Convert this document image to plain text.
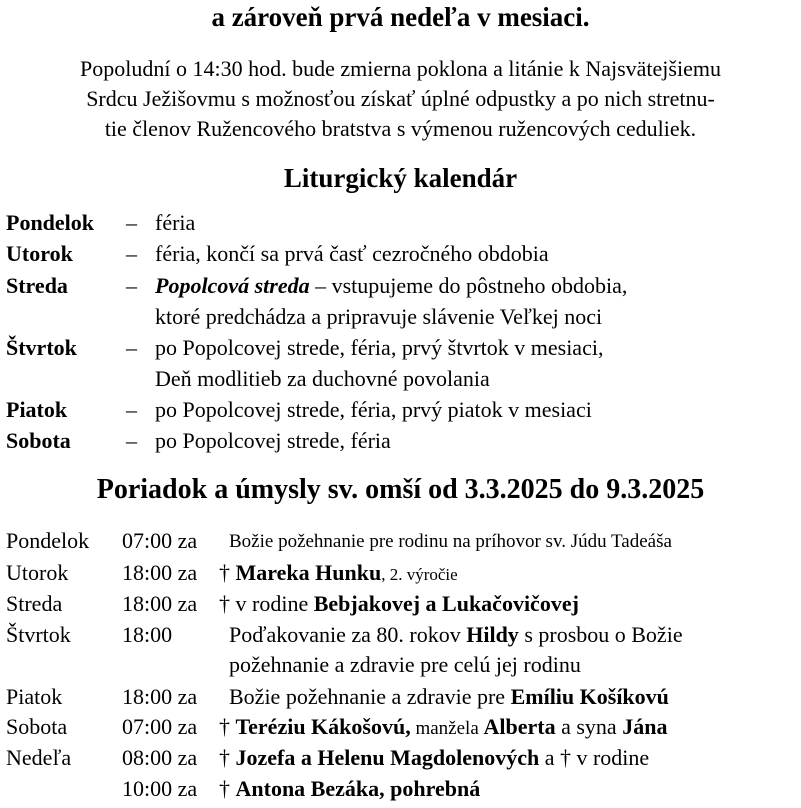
a zároveň prvá nedeľa v mesiaci.
Popoludní o 14:30 hod. bude zmierna poklona a litánie k Najsvätejšiemu
Srdcu Ježišovmu s možnosťou získať úplné odpustky a po nich stretnu-
tie členov Ružencového bratstva s výmenou ružencových ceduliek.
Liturgický kalendár
Pondelok – féria
Utorok – féria, končí sa prvá časť cezročného obdobia
Streda	– Popolcová streda – vstupujeme do pôstneho obdobia,
ktoré predchádza a pripravuje slávenie Veľkej noci
Štvrtok – po Popolcovej strede, féria, prvý štvrtok v mesiaci,
Deň modlitieb za duchovné povolania
Piatok	– po Popolcovej strede, féria, prvý piatok v mesiaci
Sobota	– po Popolcovej strede, féria
Poriadok a úmysly sv. omší od 3.3.2025 do 9.3.2025
Pondelok 07:00 za Božie požehnanie pre rodinu na príhovor sv. Júdu Tadeáša
Utorok 18:00 za † Mareka Hunku, 2. výročie
Streda	18:00 za † v rodine Bebjakovej a Lukačovičovej
Štvrtok 18:00	Poďakovanie za 80. rokov Hildy s prosbou o Božie
požehnanie a zdravie pre celú jej rodinu
Piatok	18:00 za Božie požehnanie a zdravie pre Emíliu Košíkovú
Sobota 07:00 za † Teréziu Kákošovú, manžela Alberta a syna Jána
Nedeľa 08:00 za † Jozefa a Helenu Magdolenových a † v rodine
10:00 za † Antona Bezáka, pohrebná
